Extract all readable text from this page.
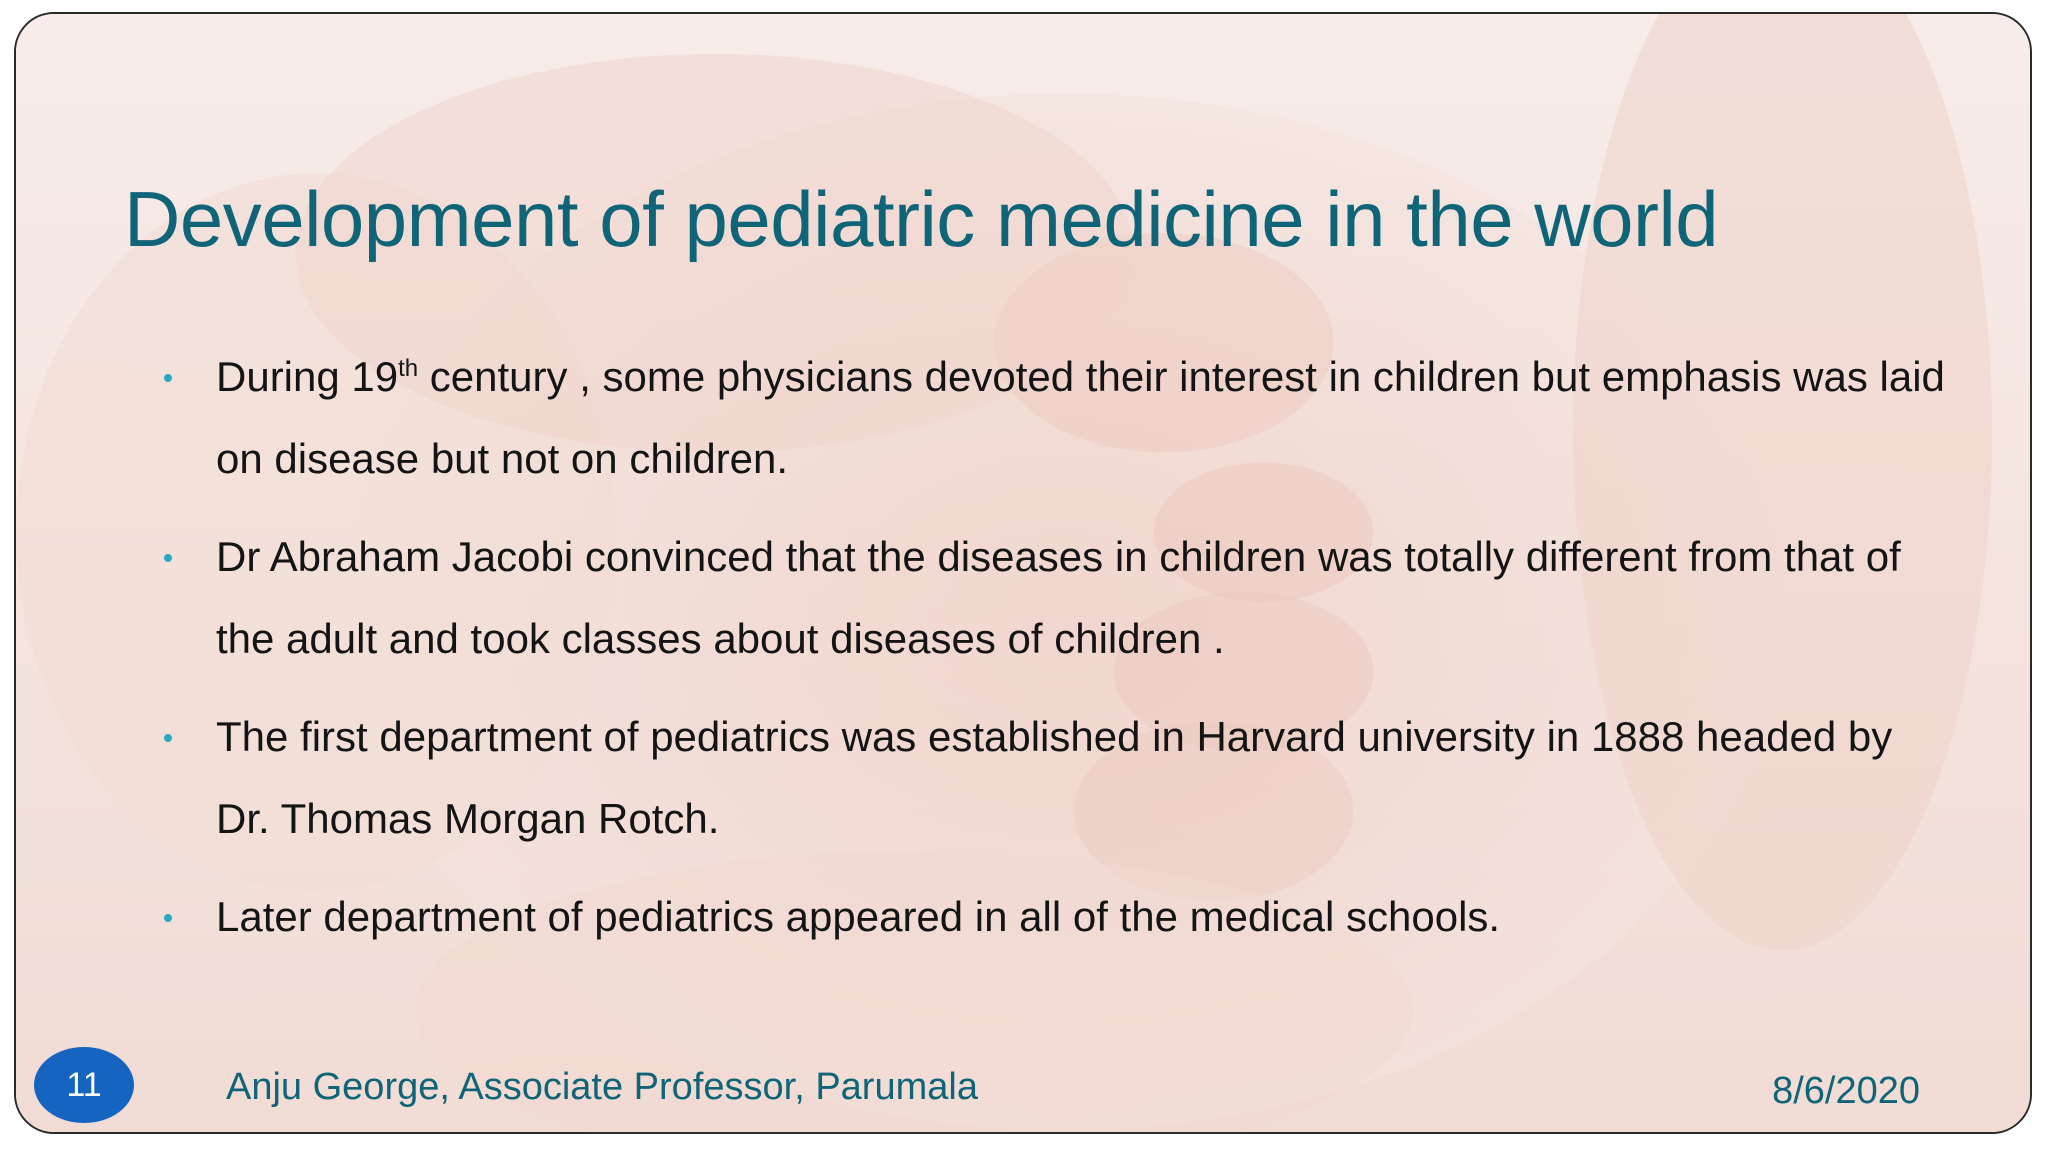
Development of pediatric medicine in the world
During 19th century , some physicians devoted their interest in children but emphasis was laid on disease but not on children.
Dr Abraham Jacobi convinced that the diseases in children was totally different from that of the adult and took classes about diseases of children .
The first department of pediatrics was established in Harvard university in 1888 headed by Dr. Thomas Morgan Rotch.
Later department of pediatrics appeared in all of the medical schools.
11	Anju George, Associate Professor, Parumala	8/6/2020
